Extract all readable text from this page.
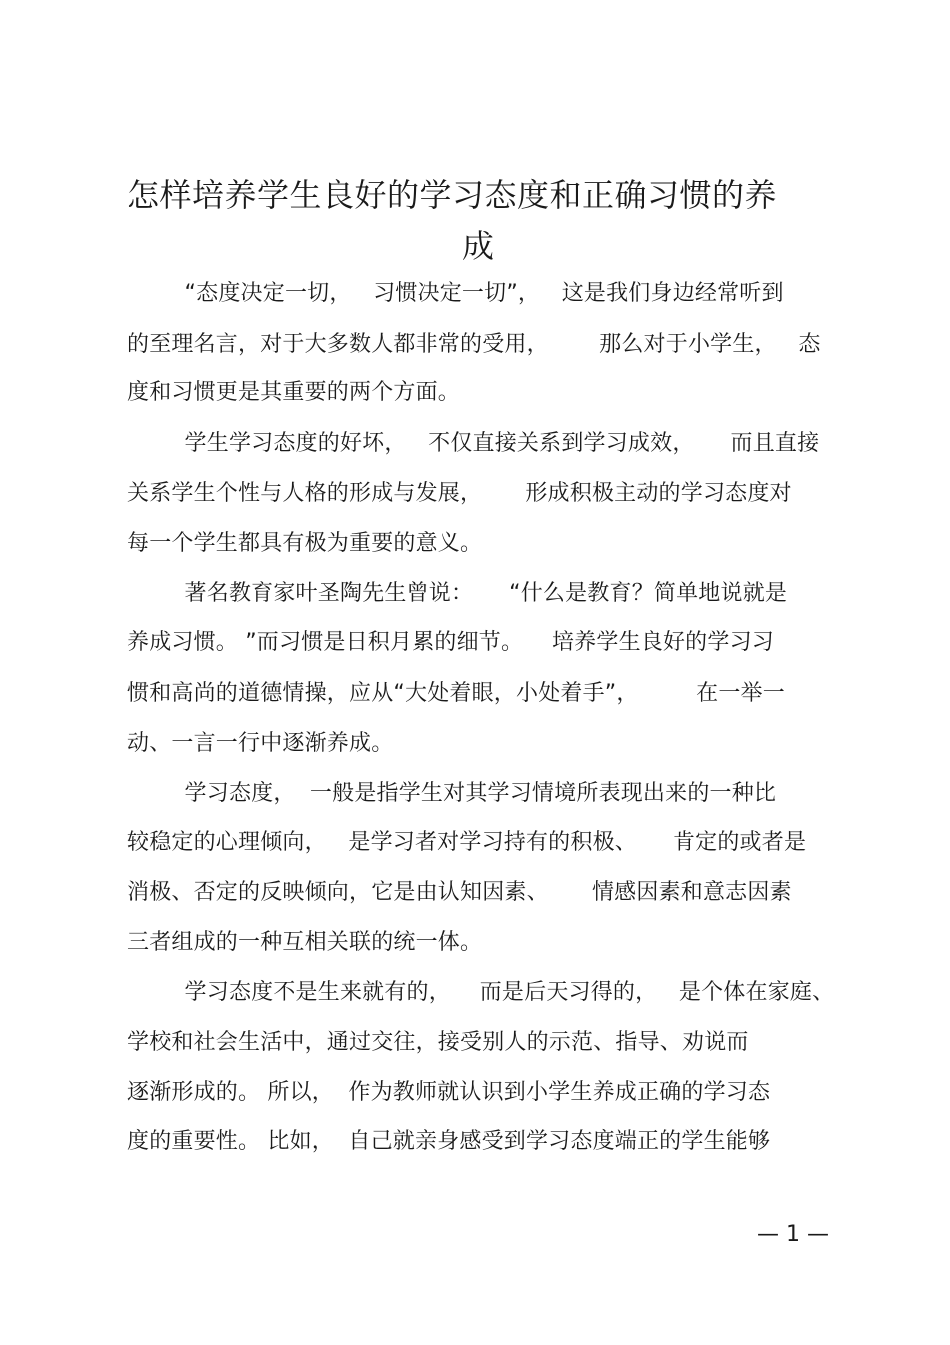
怎样培养学生良好的学习态度和正确习惯的养
成
“态度决定一切，   习惯决定一切”，   这是我们身边经常听到
的至理名言，对于大多数人都非常的受用，       那么对于小学生，   态
度和习惯更是其重要的两个方面。
学生学习态度的好坏，   不仅直接关系到学习成效，     而且直接
关系学生个性与人格的形成与发展，      形成积极主动的学习态度对
每一个学生都具有极为重要的意义。
著名教育家叶圣陶先生曾说：     “什么是教育？简单地说就是
养成习惯。 ”而习惯是日积月累的细节。    培养学生良好的学习习
惯和高尚的道德情操，应从“大处着眼，小处着手”，        在一举一
动、一言一行中逐渐养成。
学习态度，  一般是指学生对其学习情境所表现出来的一种比
较稳定的心理倾向，   是学习者对学习持有的积极、     肯定的或者是
消极、否定的反映倾向，它是由认知因素、      情感因素和意志因素
三者组成的一种互相关联的统一体。
学习态度不是生来就有的，    而是后天习得的，   是个体在家庭、
学校和社会生活中，通过交往，接受别人的示范、指导、劝说而
逐渐形成的。 所以，  作为教师就认识到小学生养成正确的学习态
度的重要性。 比如，  自己就亲身感受到学习态度端正的学生能够
— 1 —
